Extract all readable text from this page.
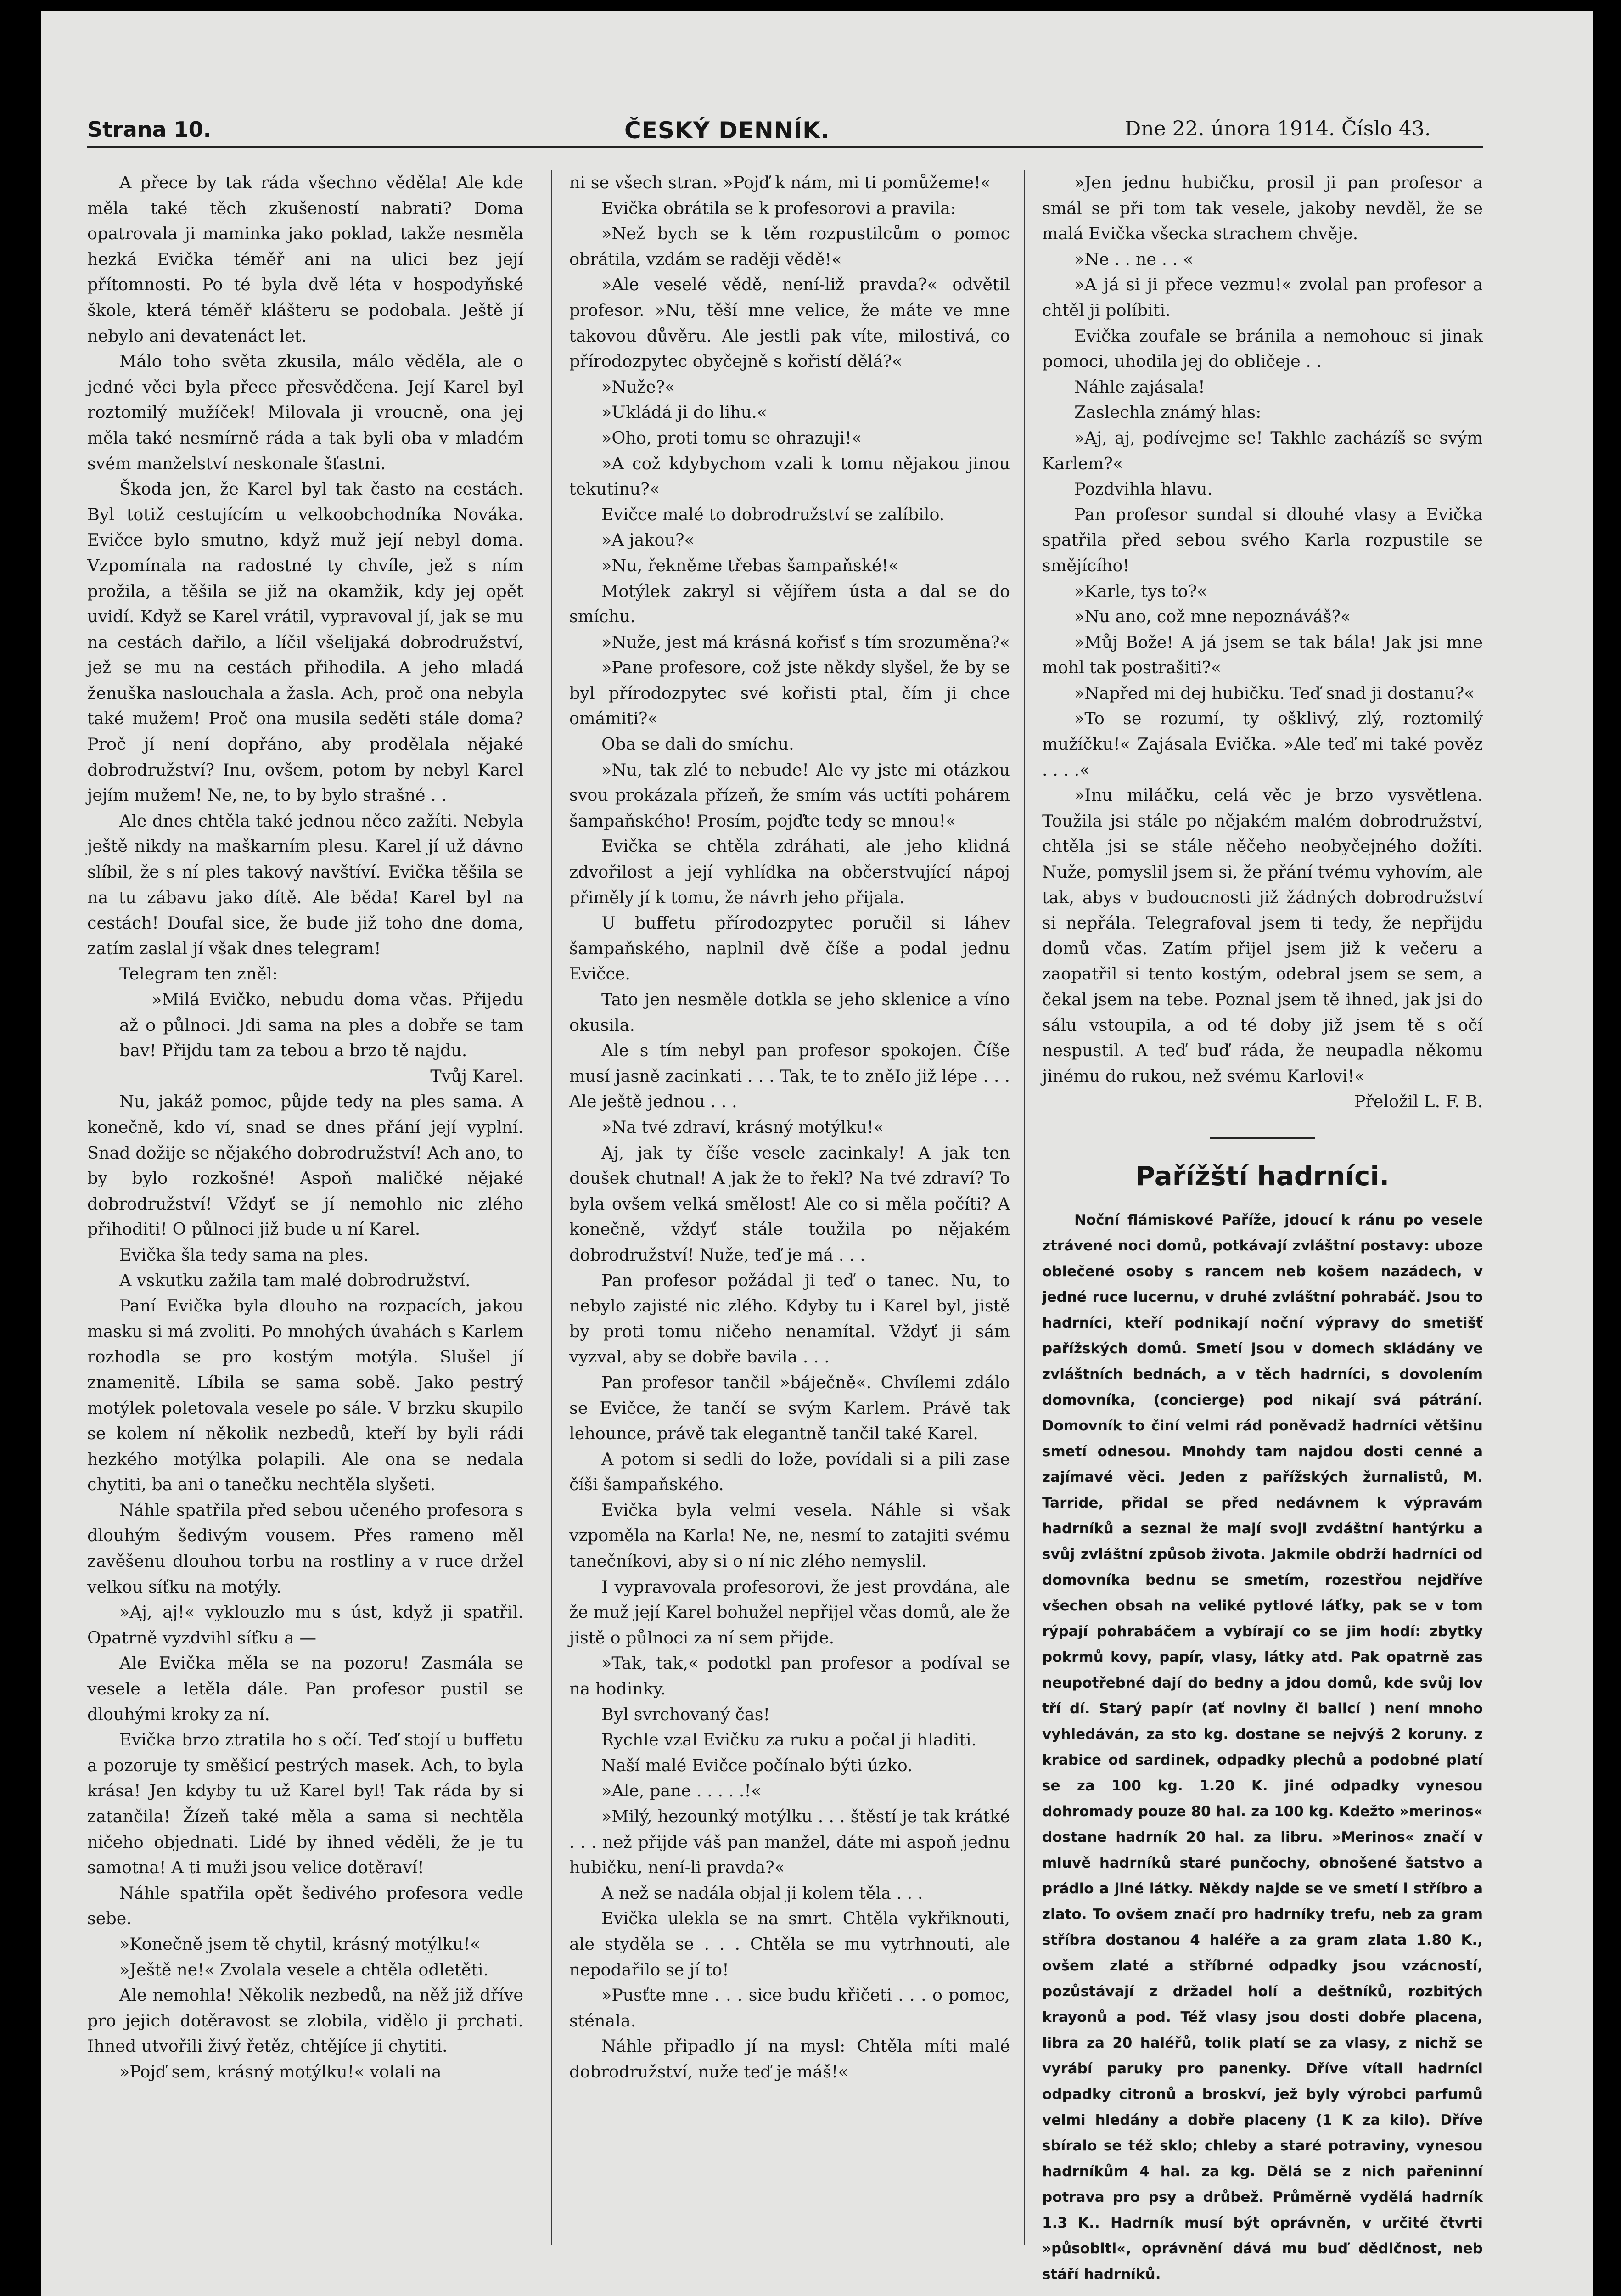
Strana 10.	ČESKÝ DENNÍK.	Dne 22. února 1914. Číslo 43.

A přece by tak ráda všechno věděla! Ale kde měla také těch zkušeností nabrati? Doma opatrovala ji maminka jako poklad, takže nesměla hezká Evička téměř ani na ulici bez její přítomnosti. Po té byla dvě léta v hospodyňské škole, která téměř klášteru se podobala. Ještě jí nebylo ani devatenáct let.

Málo toho světa zkusila, málo věděla, ale o jedné věci byla přece přesvědčena. Její Karel byl roztomilý mužíček! Milovala ji vroucně, ona jej měla také nesmírně ráda a tak byli oba v mladém svém manželství neskonale šťastni.

Škoda jen, že Karel byl tak často na cestách. Byl totiž cestujícím u velkoobchodníka Nováka. Evičce bylo smutno, když muž její nebyl doma. Vzpomínala na radostné ty chvíle, jež s ním prožila, a těšila se již na okamžik, kdy jej opět uvidí. Když se Karel vrátil, vypravoval jí, jak se mu na cestách dařilo, a líčil všelijaká dobrodružství, jež se mu na cestách přihodila. A jeho mladá ženuška naslouchala a žasla. Ach, proč ona nebyla také mužem! Proč ona musila seděti stále doma? Proč jí není dopřáno, aby prodělala nějaké dobrodružství? Inu, ovšem, potom by nebyl Karel jejím mužem! Ne, ne, to by bylo strašné . .

Ale dnes chtěla také jednou něco zažíti. Nebyla ještě nikdy na maškarním plesu. Karel jí už dávno slíbil, že s ní ples takový navštíví. Evička těšila se na tu zábavu jako dítě. Ale běda! Karel byl na cestách! Doufal sice, že bude již toho dne doma, zatím zaslal jí však dnes telegram!

Telegram ten zněl:

»Milá Evičko, nebudu doma včas. Přijedu až o půlnoci. Jdi sama na ples a dobře se tam bav! Přijdu tam za tebou a brzo tě najdu.

Tvůj Karel.

Nu, jakáž pomoc, půjde tedy na ples sama. A konečně, kdo ví, snad se dnes přání její vyplní. Snad dožije se nějakého dobrodružství! Ach ano, to by bylo rozkošné! Aspoň maličké nějaké dobrodružství! Vždyť se jí nemohlo nic zlého přihoditi! O půlnoci již bude u ní Karel.

Evička šla tedy sama na ples.

A vskutku zažila tam malé dobrodružství.

Paní Evička byla dlouho na rozpacích, jakou masku si má zvoliti. Po mnohých úvahách s Karlem rozhodla se pro kostým motýla. Slušel jí znamenitě. Líbila se sama sobě. Jako pestrý motýlek poletovala vesele po sále. V brzku skupilo se kolem ní několik nezbedů, kteří by byli rádi hezkého motýlka polapili. Ale ona se nedala chytiti, ba ani o tanečku nechtěla slyšeti.

Náhle spatřila před sebou učeného profesora s dlouhým šedivým vousem. Přes rameno měl zavěšenu dlouhou torbu na rostliny a v ruce držel velkou síťku na motýly.

»Aj, aj!« vyklouzlo mu s úst, když ji spatřil. Opatrně vyzdvihl síťku a —

Ale Evička měla se na pozoru! Zasmála se vesele a letěla dále. Pan profesor pustil se dlouhými kroky za ní.

Evička brzo ztratila ho s očí. Teď stojí u buffetu a pozoruje ty směšicí pestrých masek. Ach, to byla krása! Jen kdyby tu už Karel byl! Tak ráda by si zatančila! Žízeň také měla a sama si nechtěla ničeho objednati. Lidé by ihned věděli, že je tu samotna! A ti muži jsou velice dotěraví!

Náhle spatřila opět šedivého profesora vedle sebe.

»Konečně jsem tě chytil, krásný motýlku!«

»Ještě ne!« Zvolala vesele a chtěla odletěti.

Ale nemohla! Několik nezbedů, na něž již dříve pro jejich dotěravost se zlobila, vidělo ji prchati. Ihned utvořili živý řetěz, chtějíce ji chytiti.

»Pojď sem, krásný motýlku!« volali na

ni se všech stran. »Pojď k nám, mi ti pomůžeme!«

Evička obrátila se k profesorovi a pravila:

»Než bych se k těm rozpustilcům o pomoc obrátila, vzdám se raději vědě!«

»Ale veselé vědě, není-liž pravda?« odvětil profesor. »Nu, těší mne velice, že máte ve mne takovou důvěru. Ale jestli pak víte, milostivá, co přírodozpytec obyčejně s kořistí dělá?«

»Nuže?«

»Ukládá ji do lihu.«

»Oho, proti tomu se ohrazuji!«

»A což kdybychom vzali k tomu nějakou jinou tekutinu?«

Evičce malé to dobrodružství se zalíbilo.

»A jakou?«

»Nu, řekněme třebas šampaňské!«

Motýlek zakryl si vějířem ústa a dal se do smíchu.

»Nuže, jest má krásná kořisť s tím srozuměna?«

»Pane profesore, což jste někdy slyšel, že by se byl přírodozpytec své kořisti ptal, čím ji chce omámiti?«

Oba se dali do smíchu.

»Nu, tak zlé to nebude! Ale vy jste mi otázkou svou prokázala přízeň, že smím vás uctíti pohárem šampaňského! Prosím, pojďte tedy se mnou!«

Evička se chtěla zdráhati, ale jeho klidná zdvořilost a její vyhlídka na občerstvující nápoj přiměly jí k tomu, že návrh jeho přijala.

U buffetu přírodozpytec poručil si láhev šampaňského, naplnil dvě číše a podal jednu Evičce.

Tato jen nesměle dotkla se jeho sklenice a víno okusila.

Ale s tím nebyl pan profesor spokojen. Číše musí jasně zacinkati . . . Tak, te to zněIo již lépe . . . Ale ještě jednou . . .

»Na tvé zdraví, krásný motýlku!«

Aj, jak ty číše vesele zacinkaly! A jak ten doušek chutnal! A jak že to řekl? Na tvé zdraví? To byla ovšem velká smělost! Ale co si měla počíti? A konečně, vždyť stále toužila po nějakém dobrodružství! Nuže, teď je má . . .

Pan profesor požádal ji teď o tanec. Nu, to nebylo zajisté nic zlého. Kdyby tu i Karel byl, jistě by proti tomu ničeho nenamítal. Vždyť ji sám vyzval, aby se dobře bavila . . .

Pan profesor tančil »báječně«. Chvílemi zdálo se Evičce, že tančí se svým Karlem. Právě tak lehounce, právě tak elegantně tančil také Karel.

A potom si sedli do lože, povídali si a pili zase číši šampaňského.

Evička byla velmi vesela. Náhle si však vzpoměla na Karla! Ne, ne, nesmí to zatajiti svému tanečníkovi, aby si o ní nic zlého nemyslil.

I vypravovala profesorovi, že jest provdána, ale že muž její Karel bohužel nepřijel včas domů, ale že jistě o půlnoci za ní sem přijde.

»Tak, tak,« podotkl pan profesor a podíval se na hodinky.

Byl svrchovaný čas!

Rychle vzal Evičku za ruku a počal ji hladiti.

Naší malé Evičce počínalo býti úzko.

»Ale, pane . . . . .!«

»Milý, hezounký motýlku . . . štěstí je tak krátké . . . než přijde váš pan manžel, dáte mi aspoň jednu hubičku, není-li pravda?«

A než se nadála objal ji kolem těla . . .

Evička ulekla se na smrt. Chtěla vykřiknouti, ale styděla se . . . Chtěla se mu vytrhnouti, ale nepodařilo se jí to!

»Pusťte mne . . . sice budu křičeti . . . o pomoc, sténala.

Náhle připadlo jí na mysl: Chtěla míti malé dobrodružství, nuže teď je máš!«

»Jen jednu hubičku, prosil ji pan profesor a smál se při tom tak vesele, jakoby nevděl, že se malá Evička všecka strachem chvěje.

»Ne . . ne . . «

»A já si ji přece vezmu!« zvolal pan profesor a chtěl ji políbiti.

Evička zoufale se bránila a nemohouc si jinak pomoci, uhodila jej do obličeje . .

Náhle zajásala!

Zaslechla známý hlas:

»Aj, aj, podívejme se! Takhle zacházíš se svým Karlem?«

Pozdvihla hlavu.

Pan profesor sundal si dlouhé vlasy a Evička spatřila před sebou svého Karla rozpustile se smějícího!

»Karle, tys to?«

»Nu ano, což mne nepoznáváš?«

»Můj Bože! A já jsem se tak bála! Jak jsi mne mohl tak postrašiti?«

»Napřed mi dej hubičku. Teď snad ji dostanu?«

»To se rozumí, ty ošklivý, zlý, roztomilý mužíčku!« Zajásala Evička. »Ale teď mi také pověz . . . .«

»Inu miláčku, celá věc je brzo vysvětlena. Toužila jsi stále po nějakém malém dobrodružství, chtěla jsi se stále něčeho neobyčejného dožíti. Nuže, pomyslil jsem si, že přání tvému vyhovím, ale tak, abys v budoucnosti již žádných dobrodružství si nepřála. Telegrafoval jsem ti tedy, že nepřijdu domů včas. Zatím přijel jsem již k večeru a zaopatřil si tento kostým, odebral jsem se sem, a čekal jsem na tebe. Poznal jsem tě ihned, jak jsi do sálu vstoupila, a od té doby již jsem tě s očí nespustil. A teď buď ráda, že neupadla někomu jinému do rukou, než svému Karlovi!«

Přeložil L. F. B.

Pařížští hadrníci.

Noční flámiskové Paříže, jdoucí k ránu po vesele ztrávené noci domů, potkávají zvláštní postavy: uboze oblečené osoby s rancem neb košem nazádech, v jedné ruce lucernu, v druhé zvláštní pohrabáč. Jsou to hadrníci, kteří podnikají noční výpravy do smetišť pařížských domů. Smetí jsou v domech skládány ve zvláštních bednách, a v těch hadrníci, s dovolením domovníka, (concierge) pod nikají svá pátrání. Domovník to činí velmi rád poněvadž hadrníci většinu smetí odnesou. Mnohdy tam najdou dosti cenné a zajímavé věci. Jeden z pařížských žurnalistů, M. Tarride, přidal se před nedávnem k výpravám hadrníků a seznal že mají svoji zvdáštní hantýrku a svůj zvláštní způsob života. Jakmile obdrží hadrníci od domovníka bednu se smetím, rozestřou nejdříve všechen obsah na veliké pytlové láťky, pak se v tom rýpají pohrabáčem a vybírají co se jim hodí: zbytky pokrmů kovy, papír, vlasy, látky atd. Pak opatrně zas neupotřebné dají do bedny a jdou domů, kde svůj lov tří dí. Starý papír (ať noviny či balicí ) není mnoho vyhledáván, za sto kg. dostane se nejvýš 2 koruny. z krabice od sardinek, odpadky plechů a podobné platí se za 100 kg. 1.20 K. jiné odpadky vynesou dohromady pouze 80 hal. za 100 kg. Kdežto »merinos« dostane hadrník 20 hal. za libru. »Merinos« značí v mluvě hadrníků staré punčochy, obnošené šatstvo a prádlo a jiné látky. Někdy najde se ve smetí i stříbro a zlato. To ovšem značí pro hadrníky trefu, neb za gram stříbra dostanou 4 haléře a za gram zlata 1.80 K., ovšem zlaté a stříbrné odpadky jsou vzácností, pozůstávají z držadel holí a deštníků, rozbitých krayonů a pod. Též vlasy jsou dosti dobře placena, libra za 20 haléřů, tolik platí se za vlasy, z nichž se vyrábí paruky pro panenky. Dříve vítali hadrníci odpadky citronů a broskví, jež byly výrobci parfumů velmi hledány a dobře placeny (1 K za kilo). Dříve sbíralo se též sklo; chleby a staré potraviny, vynesou hadrníkům 4 hal. za kg. Dělá se z nich pařeninní potrava pro psy a drůbež. Průměrně vydělá hadrník 1.3 K.. Hadrník musí být oprávněn, v určité čtvrti »působiti«, oprávnění dává mu buď dědičnost, neb stáří hadrníků.
